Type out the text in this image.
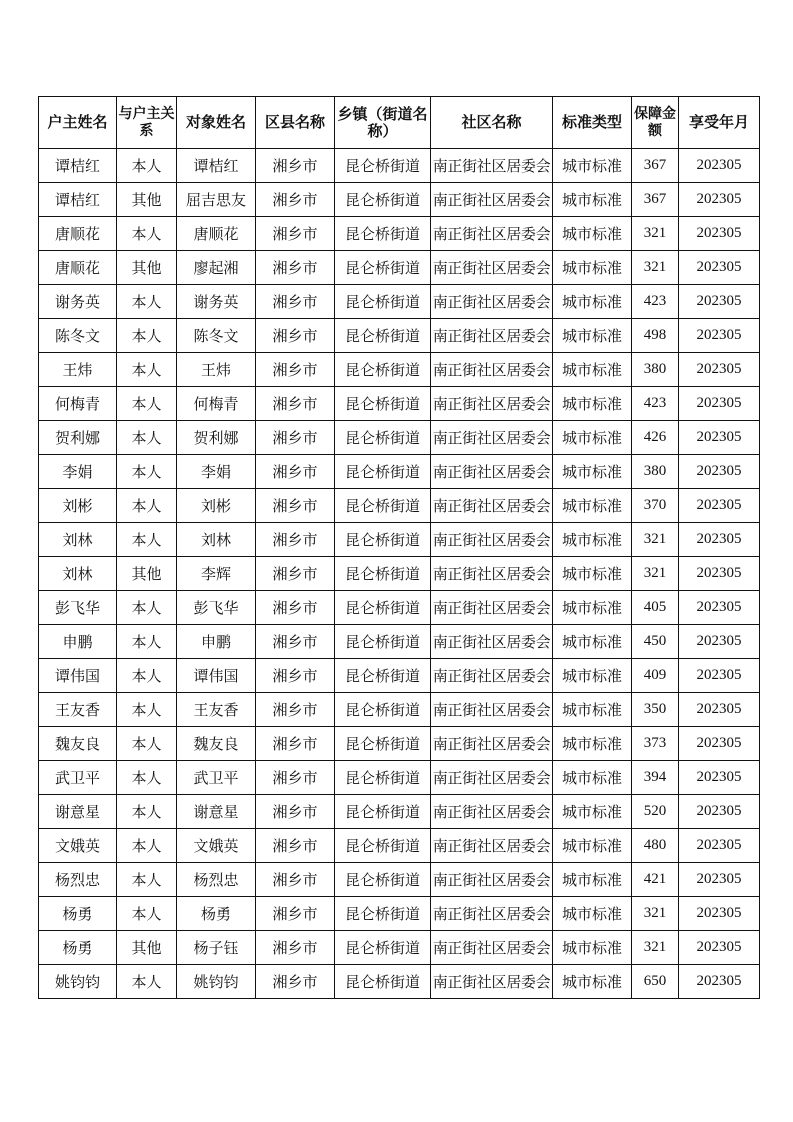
户主姓名	与户主关系	对象姓名	区县名称	乡镇（街道名称）	社区名称	标准类型	保障金额	享受年月
谭桔红	本人	谭桔红	湘乡市	昆仑桥街道	南正街社区居委会	城市标准	367	202305
谭桔红	其他	屈吉思友	湘乡市	昆仑桥街道	南正街社区居委会	城市标准	367	202305
唐顺花	本人	唐顺花	湘乡市	昆仑桥街道	南正街社区居委会	城市标准	321	202305
唐顺花	其他	廖起湘	湘乡市	昆仑桥街道	南正街社区居委会	城市标准	321	202305
谢务英	本人	谢务英	湘乡市	昆仑桥街道	南正街社区居委会	城市标准	423	202305
陈冬文	本人	陈冬文	湘乡市	昆仑桥街道	南正街社区居委会	城市标准	498	202305
王炜	本人	王炜	湘乡市	昆仑桥街道	南正街社区居委会	城市标准	380	202305
何梅青	本人	何梅青	湘乡市	昆仑桥街道	南正街社区居委会	城市标准	423	202305
贺利娜	本人	贺利娜	湘乡市	昆仑桥街道	南正街社区居委会	城市标准	426	202305
李娟	本人	李娟	湘乡市	昆仑桥街道	南正街社区居委会	城市标准	380	202305
刘彬	本人	刘彬	湘乡市	昆仑桥街道	南正街社区居委会	城市标准	370	202305
刘林	本人	刘林	湘乡市	昆仑桥街道	南正街社区居委会	城市标准	321	202305
刘林	其他	李辉	湘乡市	昆仑桥街道	南正街社区居委会	城市标准	321	202305
彭飞华	本人	彭飞华	湘乡市	昆仑桥街道	南正街社区居委会	城市标准	405	202305
申鹏	本人	申鹏	湘乡市	昆仑桥街道	南正街社区居委会	城市标准	450	202305
谭伟国	本人	谭伟国	湘乡市	昆仑桥街道	南正街社区居委会	城市标准	409	202305
王友香	本人	王友香	湘乡市	昆仑桥街道	南正街社区居委会	城市标准	350	202305
魏友良	本人	魏友良	湘乡市	昆仑桥街道	南正街社区居委会	城市标准	373	202305
武卫平	本人	武卫平	湘乡市	昆仑桥街道	南正街社区居委会	城市标准	394	202305
谢意星	本人	谢意星	湘乡市	昆仑桥街道	南正街社区居委会	城市标准	520	202305
文娥英	本人	文娥英	湘乡市	昆仑桥街道	南正街社区居委会	城市标准	480	202305
杨烈忠	本人	杨烈忠	湘乡市	昆仑桥街道	南正街社区居委会	城市标准	421	202305
杨勇	本人	杨勇	湘乡市	昆仑桥街道	南正街社区居委会	城市标准	321	202305
杨勇	其他	杨子钰	湘乡市	昆仑桥街道	南正街社区居委会	城市标准	321	202305
姚钧钧	本人	姚钧钧	湘乡市	昆仑桥街道	南正街社区居委会	城市标准	650	202305
